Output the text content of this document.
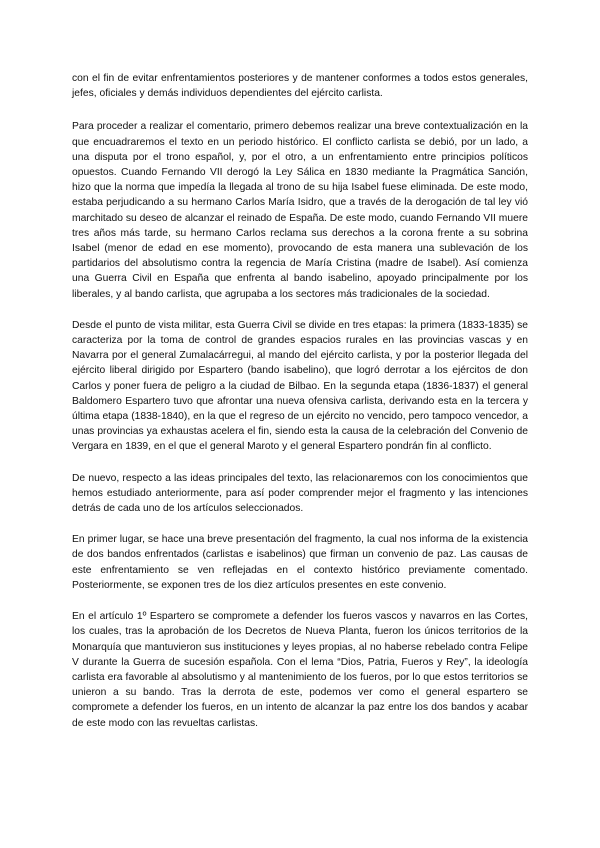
con el fin de evitar enfrentamientos posteriores y de mantener conformes a todos estos generales, jefes, oficiales y demás individuos dependientes del ejército carlista.

Para proceder a realizar el comentario, primero debemos realizar una breve contextualización en la que encuadraremos el texto en un periodo histórico. El conflicto carlista se debió, por un lado, a una disputa por el trono español, y, por el otro, a un enfrentamiento entre principios políticos opuestos. Cuando Fernando VII derogó la Ley Sálica en 1830 mediante la Pragmática Sanción, hizo que la norma que impedía la llegada al trono de su hija Isabel fuese eliminada. De este modo, estaba perjudicando a su hermano Carlos María Isidro, que a través de la derogación de tal ley vió marchitado su deseo de alcanzar el reinado de España. De este modo, cuando Fernando VII muere tres años más tarde, su hermano Carlos reclama sus derechos a la corona frente a su sobrina Isabel (menor de edad en ese momento), provocando de esta manera una sublevación de los partidarios del absolutismo contra la regencia de María Cristina (madre de Isabel). Así comienza una Guerra Civil en España que enfrenta al bando isabelino, apoyado principalmente por los liberales, y al bando carlista, que agrupaba a los sectores más tradicionales de la sociedad.

Desde el punto de vista militar, esta Guerra Civil se divide en tres etapas: la primera (1833-1835) se caracteriza por la toma de control de grandes espacios rurales en las provincias vascas y en Navarra por el general Zumalacárregui, al mando del ejército carlista, y por la posterior llegada del ejército liberal dirigido por Espartero (bando isabelino), que logró derrotar a los ejércitos de don Carlos y poner fuera de peligro a la ciudad de Bilbao. En la segunda etapa (1836-1837) el general Baldomero Espartero tuvo que afrontar una nueva ofensiva carlista, derivando esta en la tercera y última etapa (1838-1840), en la que el regreso de un ejército no vencido, pero tampoco vencedor, a unas provincias ya exhaustas acelera el fin, siendo esta la causa de la celebración del Convenio de Vergara en 1839, en el que el general Maroto y el general Espartero pondrán fin al conflicto.

De nuevo, respecto a las ideas principales del texto, las relacionaremos con los conocimientos que hemos estudiado anteriormente, para así poder comprender mejor el fragmento y las intenciones detrás de cada uno de los artículos seleccionados.

En primer lugar, se hace una breve presentación del fragmento, la cual nos informa de la existencia de dos bandos enfrentados (carlistas e isabelinos) que firman un convenio de paz. Las causas de este enfrentamiento se ven reflejadas en el contexto histórico previamente comentado. Posteriormente, se exponen tres de los diez artículos presentes en este convenio.

En el artículo 1º Espartero se compromete a defender los fueros vascos y navarros en las Cortes, los cuales, tras la aprobación de los Decretos de Nueva Planta, fueron los únicos territorios de la Monarquía que mantuvieron sus instituciones y leyes propias, al no haberse rebelado contra Felipe V durante la Guerra de sucesión española. Con el lema “Dios, Patria, Fueros y Rey”, la ideología carlista era favorable al absolutismo y al mantenimiento de los fueros, por lo que estos territorios se unieron a su bando. Tras la derrota de este, podemos ver como el general espartero se compromete a defender los fueros, en un intento de alcanzar la paz entre los dos bandos y acabar de este modo con las revueltas carlistas.
